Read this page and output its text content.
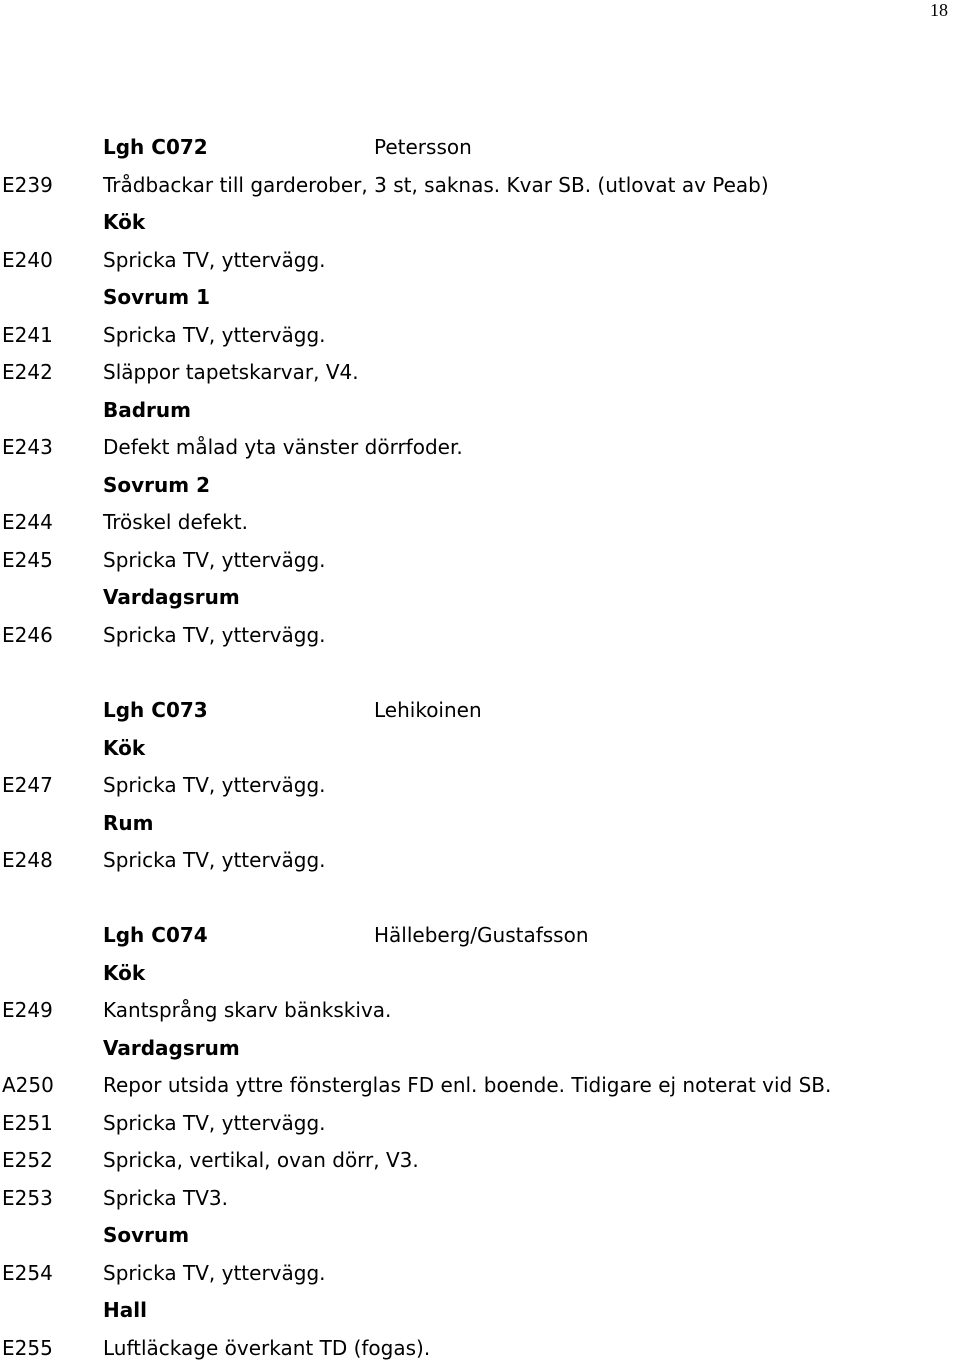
18
Lgh C072	Petersson
E239	Trådbackar till garderober, 3 st, saknas. Kvar SB. (utlovat av Peab)
Kök
E240	Spricka TV, yttervägg.
Sovrum 1
E241	Spricka TV, yttervägg.
E242	Släppor tapetskarvar, V4.
Badrum
E243	Defekt målad yta vänster dörrfoder.
Sovrum 2
E244	Tröskel defekt.
E245	Spricka TV, yttervägg.
Vardagsrum
E246	Spricka TV, yttervägg.
Lgh C073	Lehikoinen
Kök
E247	Spricka TV, yttervägg.
Rum
E248	Spricka TV, yttervägg.
Lgh C074	Hälleberg/Gustafsson
Kök
E249	Kantsprång skarv bänkskiva.
Vardagsrum
A250	Repor utsida yttre fönsterglas FD enl. boende. Tidigare ej noterat vid SB.
E251	Spricka TV, yttervägg.
E252	Spricka, vertikal, ovan dörr, V3.
E253	Spricka TV3.
Sovrum
E254	Spricka TV, yttervägg.
Hall
E255	Luftläckage överkant TD (fogas).
